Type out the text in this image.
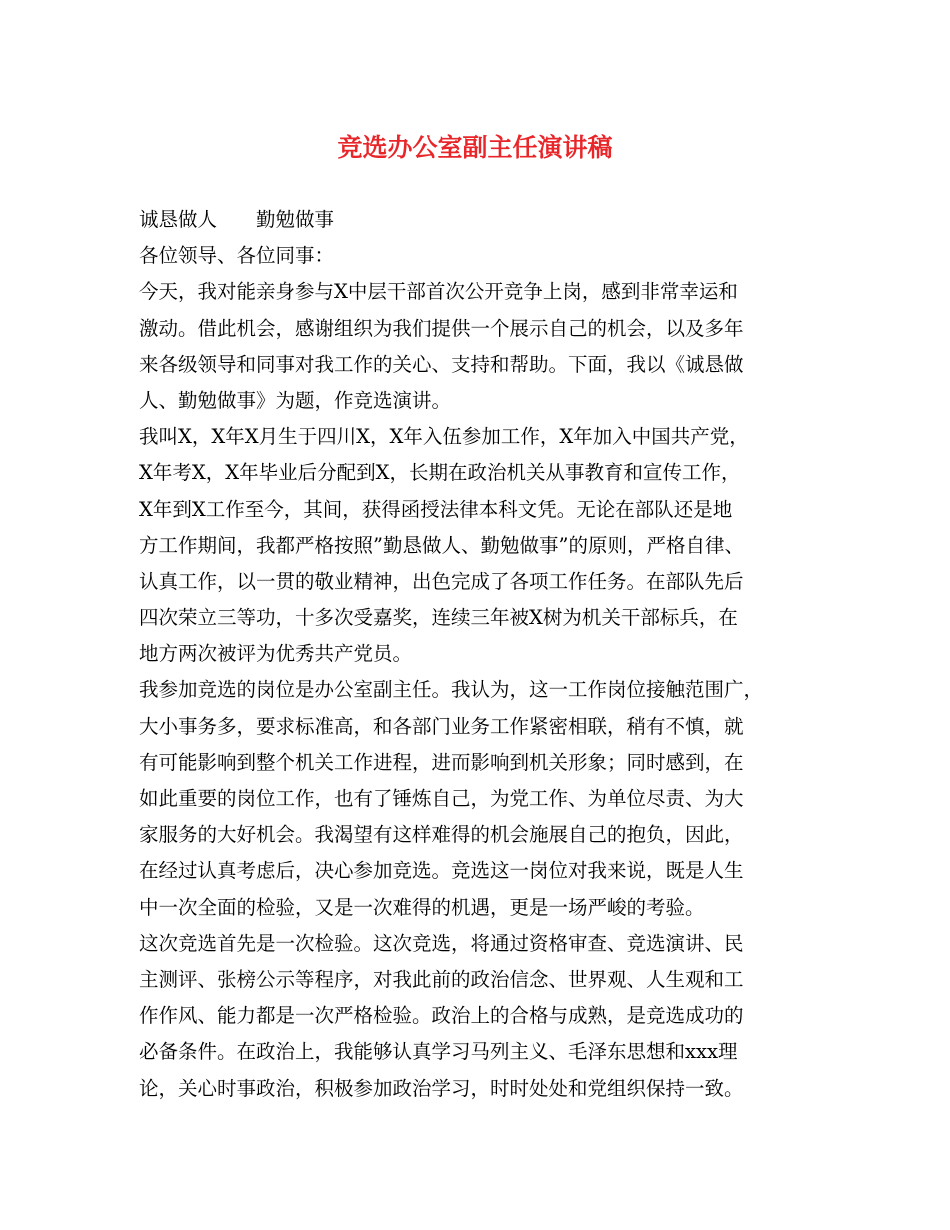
竞选办公室副主任演讲稿
诚恳做人　　勤勉做事
各位领导、各位同事：
今天，我对能亲身参与X中层干部首次公开竞争上岗，感到非常幸运和
激动。借此机会，感谢组织为我们提供一个展示自己的机会，以及多年
来各级领导和同事对我工作的关心、支持和帮助。下面，我以《诚恳做
人、勤勉做事》为题，作竞选演讲。
我叫X，X年X月生于四川X，X年入伍参加工作，X年加入中国共产党，
X年考X，X年毕业后分配到X，长期在政治机关从事教育和宣传工作，
X年到X工作至今，其间，获得函授法律本科文凭。无论在部队还是地
方工作期间，我都严格按照”勤恳做人、勤勉做事”的原则，严格自律、
认真工作，以一贯的敬业精神，出色完成了各项工作任务。在部队先后
四次荣立三等功，十多次受嘉奖，连续三年被X树为机关干部标兵，在
地方两次被评为优秀共产党员。
我参加竞选的岗位是办公室副主任。我认为，这一工作岗位接触范围广，
大小事务多，要求标准高，和各部门业务工作紧密相联，稍有不慎，就
有可能影响到整个机关工作进程，进而影响到机关形象；同时感到，在
如此重要的岗位工作，也有了锤炼自己，为党工作、为单位尽责、为大
家服务的大好机会。我渴望有这样难得的机会施展自己的抱负，因此，
在经过认真考虑后，决心参加竞选。竞选这一岗位对我来说，既是人生
中一次全面的检验，又是一次难得的机遇，更是一场严峻的考验。
这次竞选首先是一次检验。这次竞选，将通过资格审查、竞选演讲、民
主测评、张榜公示等程序，对我此前的政治信念、世界观、人生观和工
作作风、能力都是一次严格检验。政治上的合格与成熟，是竞选成功的
必备条件。在政治上，我能够认真学习马列主义、毛泽东思想和xxx理
论，关心时事政治，积极参加政治学习，时时处处和党组织保持一致。
